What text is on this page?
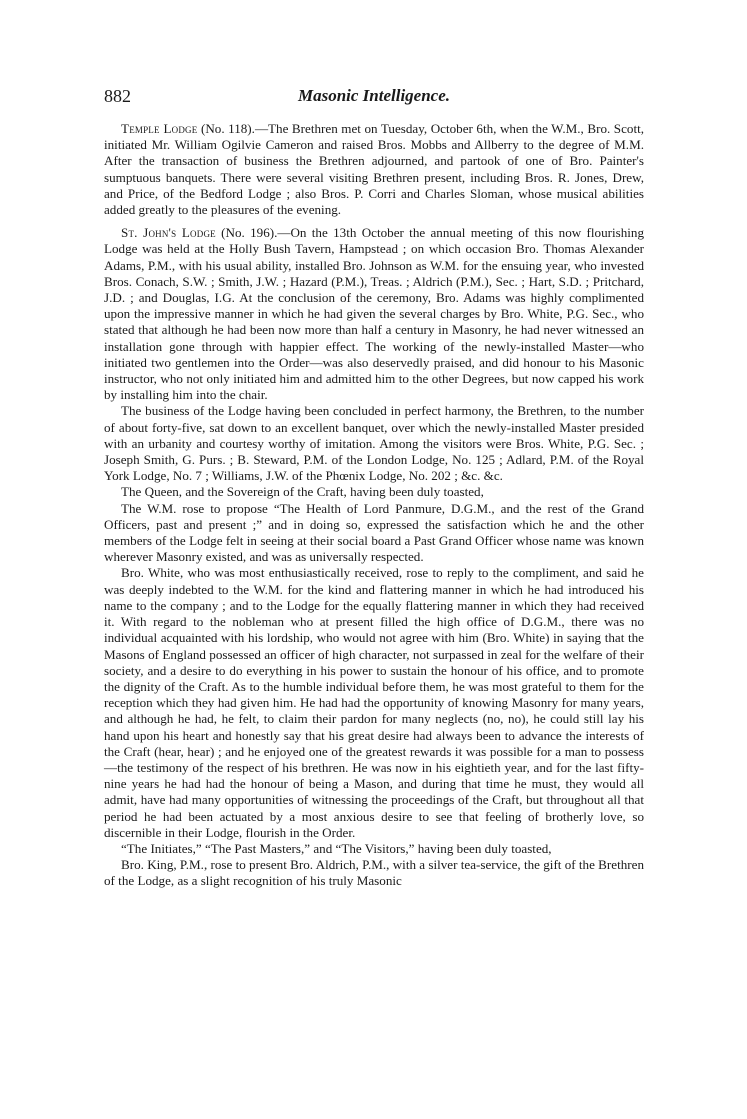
882	Masonic Intelligence.

Temple Lodge (No. 118).—The Brethren met on Tuesday, October 6th, when the W.M., Bro. Scott, initiated Mr. William Ogilvie Cameron and raised Bros. Mobbs and Allberry to the degree of M.M. After the transaction of business the Brethren adjourned, and partook of one of Bro. Painter's sumptuous banquets. There were several visiting Brethren present, including Bros. R. Jones, Drew, and Price, of the Bedford Lodge ; also Bros. P. Corri and Charles Sloman, whose musical abilities added greatly to the pleasures of the evening.

St. John's Lodge (No. 196).—On the 13th October the annual meeting of this now flourishing Lodge was held at the Holly Bush Tavern, Hampstead ; on which occasion Bro. Thomas Alexander Adams, P.M., with his usual ability, installed Bro. Johnson as W.M. for the ensuing year, who invested Bros. Conach, S.W. ; Smith, J.W. ; Hazard (P.M.), Treas. ; Aldrich (P.M.), Sec. ; Hart, S.D. ; Pritchard, J.D. ; and Douglas, I.G. At the conclusion of the ceremony, Bro. Adams was highly complimented upon the impressive manner in which he had given the several charges by Bro. White, P.G. Sec., who stated that although he had been now more than half a century in Masonry, he had never witnessed an installation gone through with happier effect. The working of the newly-installed Master—who initiated two gentlemen into the Order—was also deservedly praised, and did honour to his Masonic instructor, who not only initiated him and admitted him to the other Degrees, but now capped his work by installing him into the chair.

The business of the Lodge having been concluded in perfect harmony, the Brethren, to the number of about forty-five, sat down to an excellent banquet, over which the newly-installed Master presided with an urbanity and courtesy worthy of imitation. Among the visitors were Bros. White, P.G. Sec. ; Joseph Smith, G. Purs. ; B. Steward, P.M. of the London Lodge, No. 125 ; Adlard, P.M. of the Royal York Lodge, No. 7 ; Williams, J.W. of the Phœnix Lodge, No. 202 ; &c. &c.

The Queen, and the Sovereign of the Craft, having been duly toasted,

The W.M. rose to propose “The Health of Lord Panmure, D.G.M., and the rest of the Grand Officers, past and present ;” and in doing so, expressed the satisfaction which he and the other members of the Lodge felt in seeing at their social board a Past Grand Officer whose name was known wherever Masonry existed, and was as universally respected.

Bro. White, who was most enthusiastically received, rose to reply to the compliment, and said he was deeply indebted to the W.M. for the kind and flattering manner in which he had introduced his name to the company ; and to the Lodge for the equally flattering manner in which they had received it. With regard to the nobleman who at present filled the high office of D.G.M., there was no individual acquainted with his lordship, who would not agree with him (Bro. White) in saying that the Masons of England possessed an officer of high character, not surpassed in zeal for the welfare of their society, and a desire to do everything in his power to sustain the honour of his office, and to promote the dignity of the Craft. As to the humble individual before them, he was most grateful to them for the reception which they had given him. He had had the opportunity of knowing Masonry for many years, and although he had, he felt, to claim their pardon for many neglects (no, no), he could still lay his hand upon his heart and honestly say that his great desire had always been to advance the interests of the Craft (hear, hear) ; and he enjoyed one of the greatest rewards it was possible for a man to possess—the testimony of the respect of his brethren. He was now in his eightieth year, and for the last fifty-nine years he had had the honour of being a Mason, and during that time he must, they would all admit, have had many opportunities of witnessing the proceedings of the Craft, but throughout all that period he had been actuated by a most anxious desire to see that feeling of brotherly love, so discernible in their Lodge, flourish in the Order.

“The Initiates,” “The Past Masters,” and “The Visitors,” having been duly toasted,

Bro. King, P.M., rose to present Bro. Aldrich, P.M., with a silver tea-service, the gift of the Brethren of the Lodge, as a slight recognition of his truly Masonic
